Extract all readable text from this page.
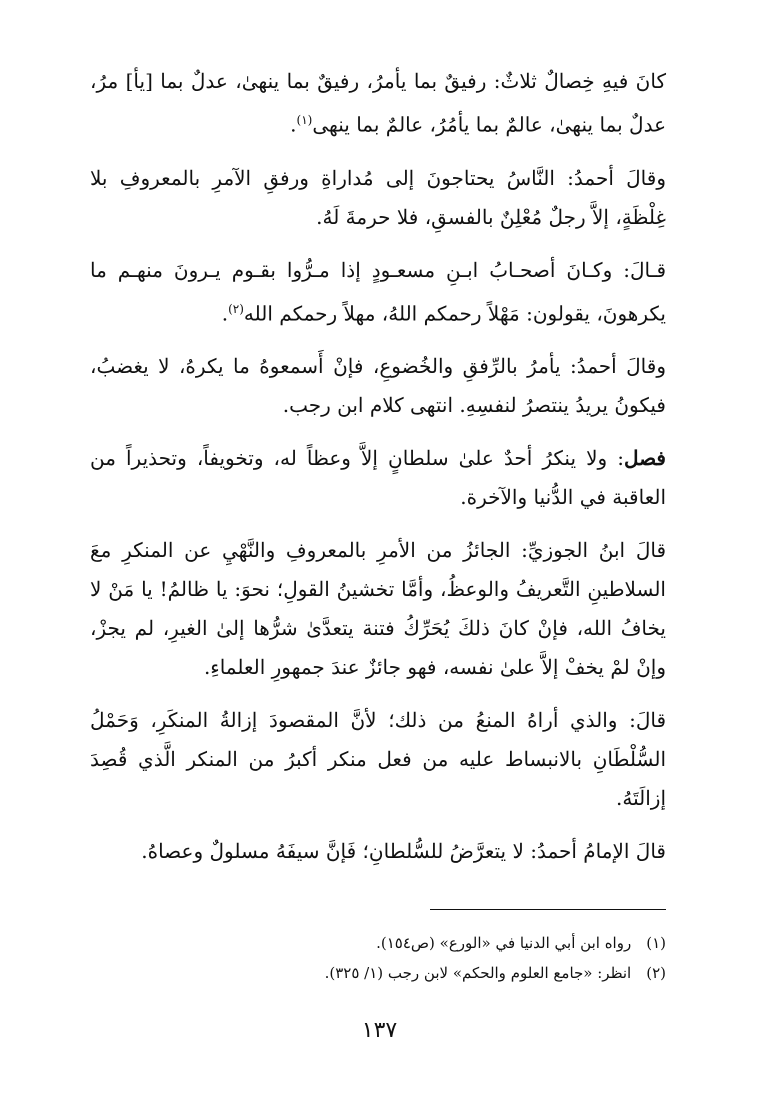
كانَ فيهِ خِصالٌ ثلاثٌ: رفيقٌ بما يأمرُ، رفيقٌ بما ينهىٰ، عدلٌ بما [يأ] مرُ، عدلٌ بما ينهىٰ، عالمٌ بما يأمُرُ، عالمٌ بما ينهى$^{(١)}$.

وقالَ أحمدُ: النَّاسُ يحتاجونَ إلى مُداراةِ ورفقِ الآمرِ بالمعروفِ بلا غِلْظَةٍ، إلاَّ رجلٌ مُعْلِنٌ بالفسقِ، فلا حرمةَ لَهُ.

قـالَ: وكـانَ أصحـابُ ابـنِ مسعـودٍ إذا مـرُّوا بقـوم يـرونَ منهـم ما يكرهونَ، يقولون: مَهْلاً رحمكم اللهُ، مهلاً رحمكم الله$^{(٢)}$.

وقالَ أحمدُ: يأمرُ بالرِّفقِ والخُضوعِ، فإنْ أَسمعوهُ ما يكرهُ، لا يغضبُ، فيكونُ يريدُ ينتصرُ لنفسِهِ. انتهى كلام ابن رجب.

فصل: ولا ينكرُ أحدٌ علىٰ سلطانٍ إلاَّ وعظاً له، وتخويفاً، وتحذيراً من العاقبة في الدُّنيا والآخرة.

قالَ ابنُ الجوزيِّ: الجائزُ من الأمرِ بالمعروفِ والنَّهْيِ عن المنكرِ معَ السلاطينِ التَّعريفُ والوعظُ، وأمَّا تخشينُ القولِ؛ نحوَ: يا ظالمُ! يا مَنْ لا يخافُ الله، فإنْ كانَ ذلكَ يُحَرِّكُ فتنة يتعدَّىٰ شرُّها إلىٰ الغيرِ، لم يجزْ، وإنْ لمْ يخفْ إلاَّ علىٰ نفسه، فهو جائزٌ عندَ جمهورِ العلماءِ.

قالَ: والذي أراهُ المنعُ من ذلك؛ لأنَّ المقصودَ إزالةُ المنكَرِ، وَحَمْلُ السُّلْطَانِ بالانبساط عليه من فعل منكر أكبرُ من المنكر الَّذي قُصِدَ إزالَتَهُ.

قالَ الإمامُ أحمدُ: لا يتعرَّضُ للسُّلطانِ؛ فَإنَّ سيفَهُ مسلولٌ وعصاهُ.

(١) رواه ابن أبي الدنيا في «الورع» (ص١٥٤).
(٢) انظر: «جامع العلوم والحكم» لابن رجب (١/ ٣٢٥).
١٣٧
